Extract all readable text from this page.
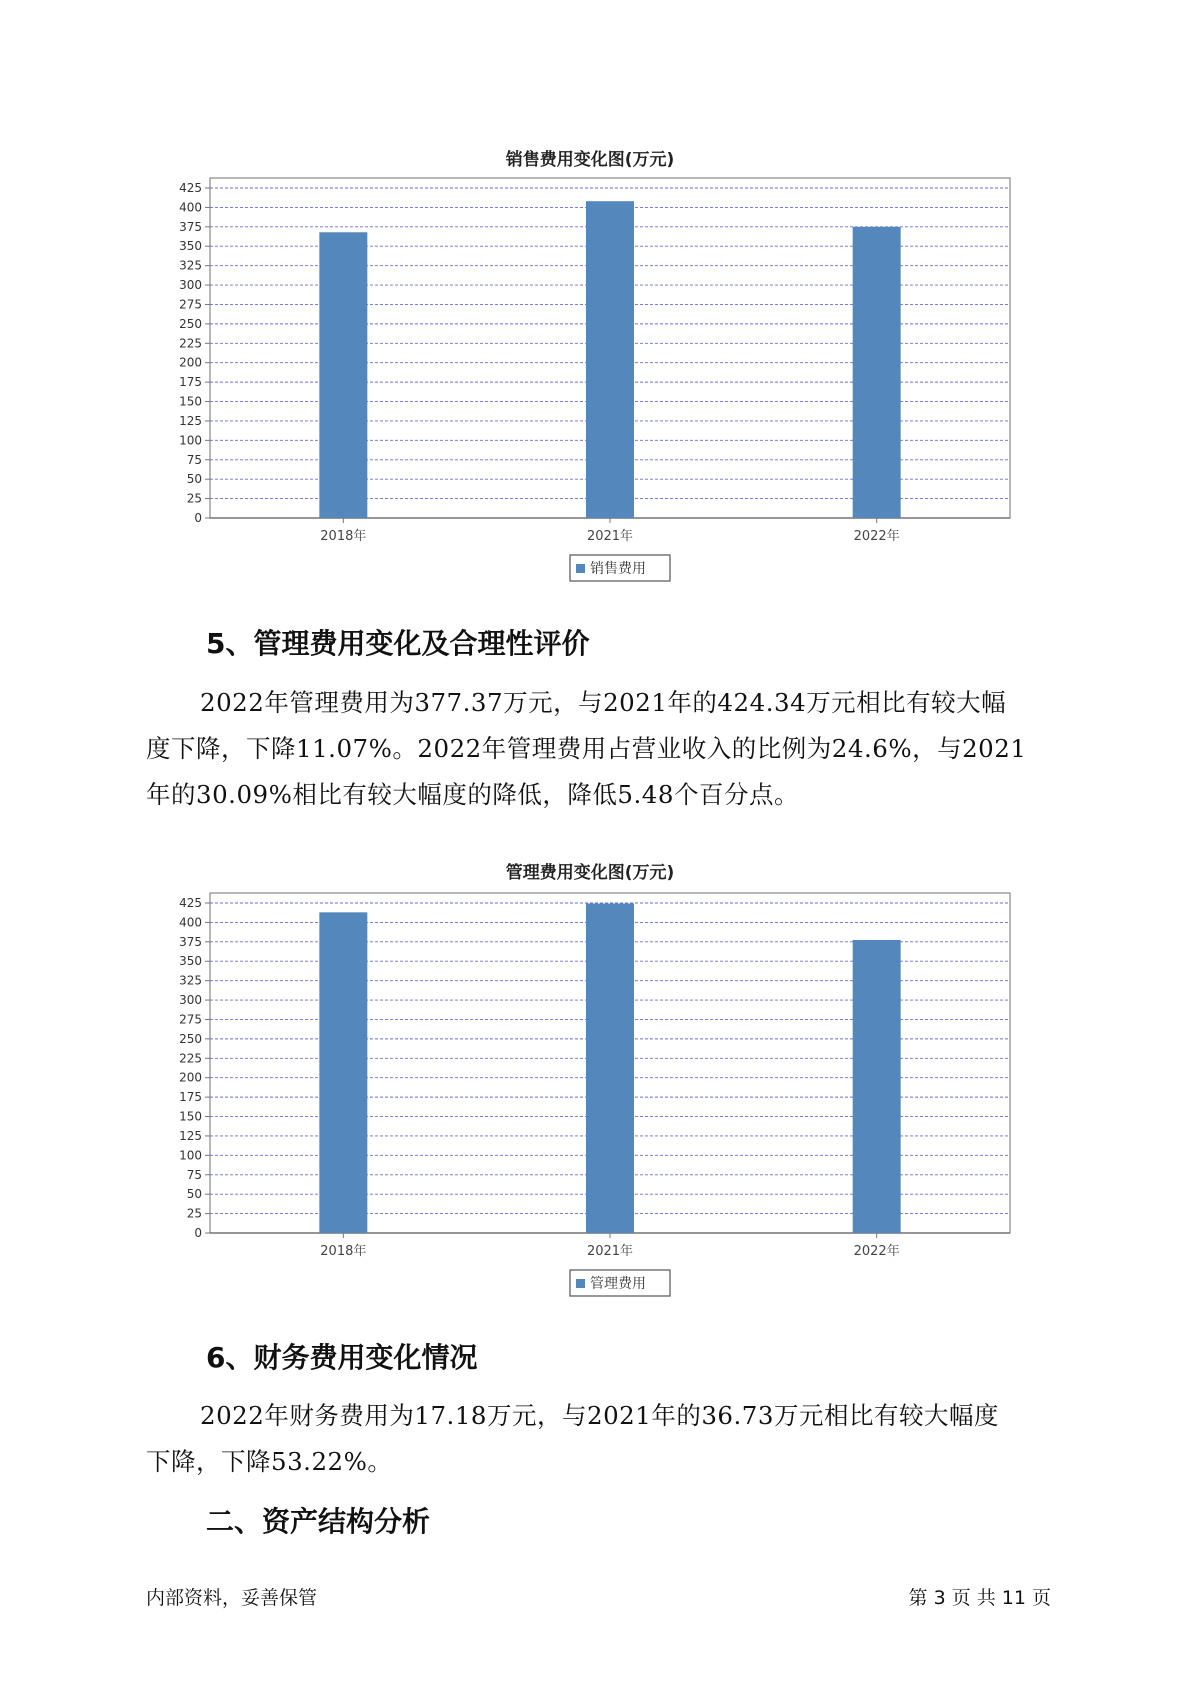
销售费用变化图(万元)
0
25
50
75
100
125
150
175
200
225
250
275
300
325
350
375
400
425
2018年	2021年	2022年
销售费用
5、管理费用变化及合理性评价
2022年管理费用为377.37万元，与2021年的424.34万元相比有较大幅
度下降，下降11.07%。2022年管理费用占营业收入的比例为24.6%，与2021
年的30.09%相比有较大幅度的降低，降低5.48个百分点。
管理费用变化图(万元)
0
25
50
75
100
125
150
175
200
225
250
275
300
325
350
375
400
425
2018年	2021年	2022年
管理费用
6、财务费用变化情况
2022年财务费用为17.18万元，与2021年的36.73万元相比有较大幅度
下降，下降53.22%。
二、资产结构分析
内部资料，妥善保管	第 3 页 共 11 页
